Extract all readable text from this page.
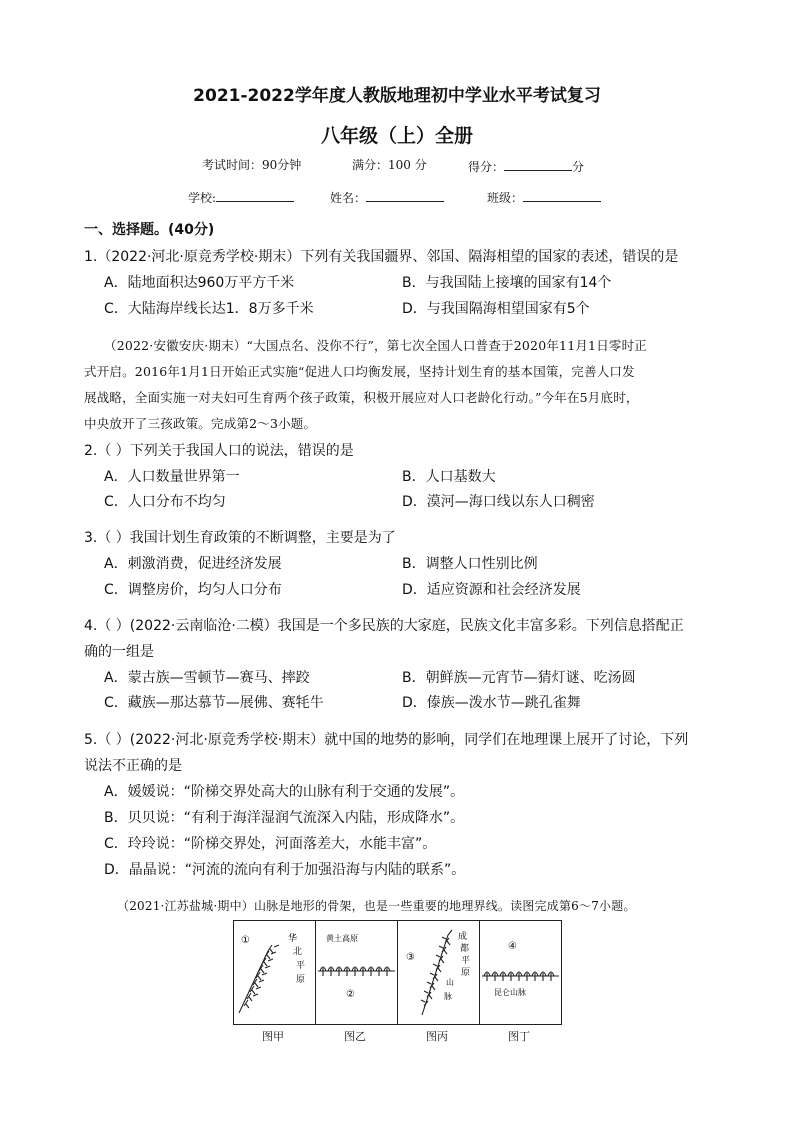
2021-2022学年度人教版地理初中学业水平考试复习
八年级（上）全册
考试时间：90分钟	满分：100 分	得分：	分
学校:	姓名：	班级：
一、选择题。(40分)
1.（2022·河北·原竞秀学校·期末）下列有关我国疆界、邻国、隔海相望的国家的表述，错误的是
A．陆地面积达960万平方千米	B．与我国陆上接壤的国家有14个
C．大陆海岸线长达1．8万多千米	D．与我国隔海相望国家有5个
（2022·安徽安庆·期末）“大国点名、没你不行”，第七次全国人口普查于2020年11月1日零时正
式开启。2016年1月1日开始正式实施“促进人口均衡发展，坚持计划生育的基本国策，完善人口发
展战略，全面实施一对夫妇可生育两个孩子政策，积极开展应对人口老龄化行动。”今年在5月底时，
中央放开了三孩政策。完成第2～3小题。
2.（ ）下列关于我国人口的说法，错误的是
A．人口数量世界第一	B．人口基数大
C．人口分布不均匀	D．漠河—海口线以东人口稠密
3.（ ）我国计划生育政策的不断调整，主要是为了
A．刺激消费，促进经济发展	B．调整人口性别比例
C．调整房价，均匀人口分布	D．适应资源和社会经济发展
4.（ ）(2022·云南临沧·二模）我国是一个多民族的大家庭，民族文化丰富多彩。下列信息搭配正
确的一组是
A．蒙古族—雪顿节—赛马、摔跤	B．朝鲜族—元宵节—猜灯谜、吃汤圆
C．藏族—那达慕节—展佛、赛牦牛	D．傣族—泼水节—跳孔雀舞
5.（ ）(2022·河北·原竞秀学校·期末）就中国的地势的影响，同学们在地理课上展开了讨论，下列
说法不正确的是
A．媛媛说：“阶梯交界处高大的山脉有利于交通的发展”。
B．贝贝说：“有利于海洋湿润气流深入内陆，形成降水”。
C．玲玲说：“阶梯交界处，河面落差大，水能丰富”。
D．晶晶说：“河流的流向有利于加强沿海与内陆的联系”。
（2021·江苏盐城·期中）山脉是地形的骨架，也是一些重要的地理界线。读图完成第6～7小题。
①	华
北
平
原
图甲
黄土高原
②
图乙
③
成
都
平
原
山
脉
图丙
④
昆仑山脉
图丁
